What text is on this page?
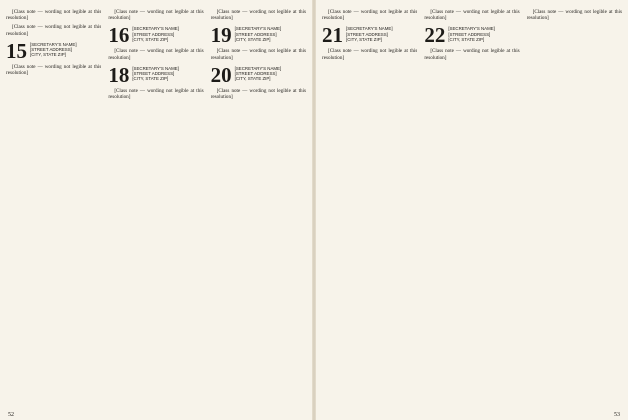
[Class note — wording not legible at this resolution]

[Class note — wording not legible at this resolution]

15 [SECRETARY'S NAME]
[STREET ADDRESS]
[CITY, STATE ZIP]

[Class note — wording not legible at this resolution]

[Class note — wording not legible at this resolution]

16 [SECRETARY'S NAME]
[STREET ADDRESS]
[CITY, STATE ZIP]

[Class note — wording not legible at this resolution]

18 [SECRETARY'S NAME]
[STREET ADDRESS]
[CITY, STATE ZIP]

[Class note — wording not legible at this resolution]

[Class note — wording not legible at this resolution]

19 [SECRETARY'S NAME]
[STREET ADDRESS]
[CITY, STATE ZIP]

[Class note — wording not legible at this resolution]

20 [SECRETARY'S NAME]
[STREET ADDRESS]
[CITY, STATE ZIP]

[Class note — wording not legible at this resolution]

[Class note — wording not legible at this resolution]

21 [SECRETARY'S NAME]
[STREET ADDRESS]
[CITY, STATE ZIP]

[Class note — wording not legible at this resolution]

[Class note — wording not legible at this resolution]

22 [SECRETARY'S NAME]
[STREET ADDRESS]
[CITY, STATE ZIP]

[Class note — wording not legible at this resolution]

[Class note — wording not legible at this resolution]

52	53
